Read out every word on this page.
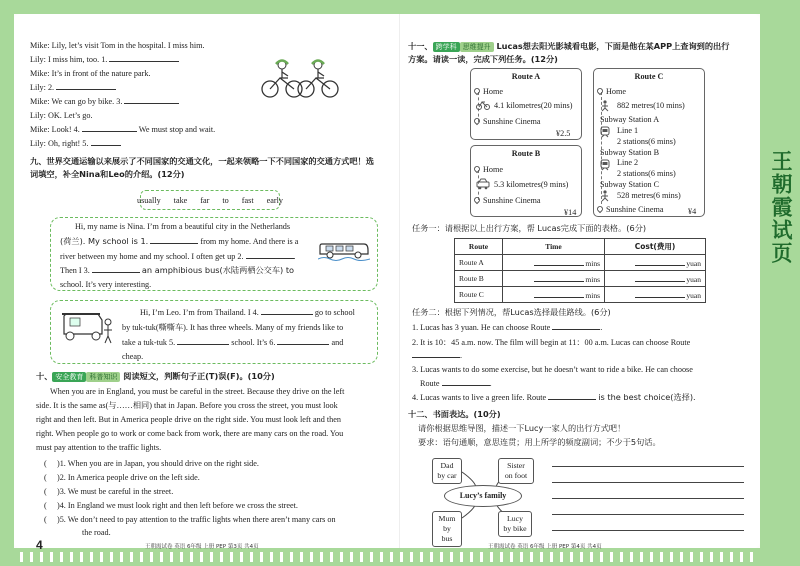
Mike: Lily, let’s visit Tom in the hospital. I miss him.
Lily: I miss him, too. 1.
Mike: It’s in front of the nature park.
Lily: 2.
Mike: We can go by bike. 3.
Lily: OK. Let’s go.
Mike: Look! 4.	We must stop and wait.
Lily: Oh, right! 5.
九、世界交通运输以来展示了不同国家的交通文化，一起来领略一下不同国家的交通方式吧！选
词填空，补全Nina和Leo的介绍。(12分)
usually take far to fast early
Hi, my name is Nina. I’m from a beautiful city in the Netherlands
(荷兰). My school is 1.	from my home. And there is a
river between my home and my school. I often get up 2.	.
Then I 3.	an amphibious bus(水陆两栖公交车) to
school. It’s very interesting.
Hi, I’m Leo. I’m from Thailand. I 4.	go to school
by tuk-tuk(嘶嘶车). It has three wheels. Many of my friends like to
take a tuk-tuk 5.	school. It’s 6.	and
cheap.
十、 安全教育 科普知识 阅读短文，判断句子正(T)误(F)。(10分)
When you are in England, you must be careful in the street. Because they drive on the left
side. It is the same as(与……相同) that in Japan. Before you cross the street, you must look
right and then left. But in America people drive on the right side. You must look left and then
right. When people go to work or come back from work, there are many cars on the road. You
must pay attention to the traffic lights.
(     )1. When you are in Japan, you should drive on the right side.
(     )2. In America people drive on the left side.
(     )3. We must be careful in the street.
(     )4. In England we must look right and then left before we cross the street.
(     )5. We don’t need to pay attention to the traffic lights when there aren’t many cars on
the road.
4	王朝霞试卷 英语 6年级 上册 PEP 第3页 共4页
十一、 跨学科 思维提升 Lucas想去阳光影城看电影，下面是他在某APP上查询到的出行
方案。请读一读，完成下列任务。(12分)
Route A
Home
4.1 kilometres(20 mins)
Sunshine Cinema
¥2.5
Route B
Home
5.3 kilometres(9 mins)
Sunshine Cinema
¥14
Route C
Home
882 metres(10 mins)
Subway Station A
Line 1
2 stations(6 mins)
Subway Station B
Line 2
2 stations(6 mins)
Subway Station C
528 metres(6 mins)
Sunshine Cinema	¥4
任务一：请根据以上出行方案，帮 Lucas完成下面的表格。(6分)
Route	Time	Cost(费用)
Route A	mins	yuan
Route B	mins	yuan
Route C	mins	yuan
任务二：根据下列情况，帮Lucas选择最佳路线。(6分)
1. Lucas has 3 yuan. He can choose Route	.
2. It is 10：45 a.m. now. The film will begin at 11：00 a.m. Lucas can choose Route
.
3. Lucas wants to do some exercise, but he doesn’t want to ride a bike. He can choose
Route	.
4. Lucas wants to live a green life. Route	is the best choice(选择).
十二、书面表达。(10分)
请你根据思维导图，描述一下Lucy一家人的出行方式吧！
要求：语句通顺，意思连贯；用上所学的频度副词；不少于5句话。
Dad
by car
Sister
on foot
Lucy’s family
Mum
by bus
Lucy
by bike
王朝霞试卷 英语 6年级 上册 PEP 第4页 共4页
王朝霞试页
